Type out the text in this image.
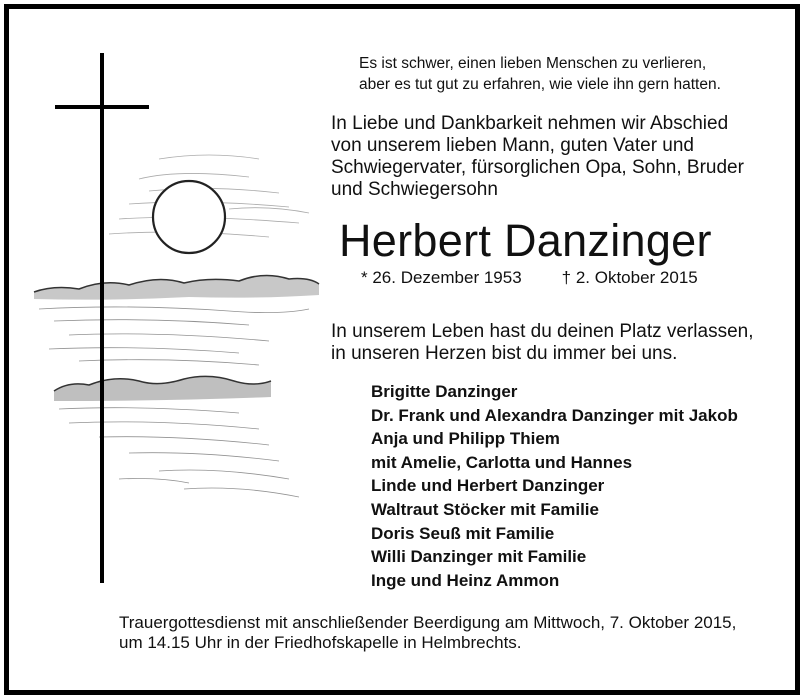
Es ist schwer, einen lieben Menschen zu verlieren,
aber es tut gut zu erfahren, wie viele ihn gern hatten.
In Liebe und Dankbarkeit nehmen wir Abschied
von unserem lieben Mann, guten Vater und
Schwiegervater, fürsorglichen Opa, Sohn, Bruder
und Schwiegersohn
Herbert Danzinger
* 26. Dezember 1953 † 2. Oktober 2015
In unserem Leben hast du deinen Platz verlassen,
in unseren Herzen bist du immer bei uns.
Brigitte Danzinger
Dr. Frank und Alexandra Danzinger mit Jakob
Anja und Philipp Thiem
mit Amelie, Carlotta und Hannes
Linde und Herbert Danzinger
Waltraut Stöcker mit Familie
Doris Seuß mit Familie
Willi Danzinger mit Familie
Inge und Heinz Ammon
Trauergottesdienst mit anschließender Beerdigung am Mittwoch, 7. Oktober 2015,
um 14.15 Uhr in der Friedhofskapelle in Helmbrechts.
